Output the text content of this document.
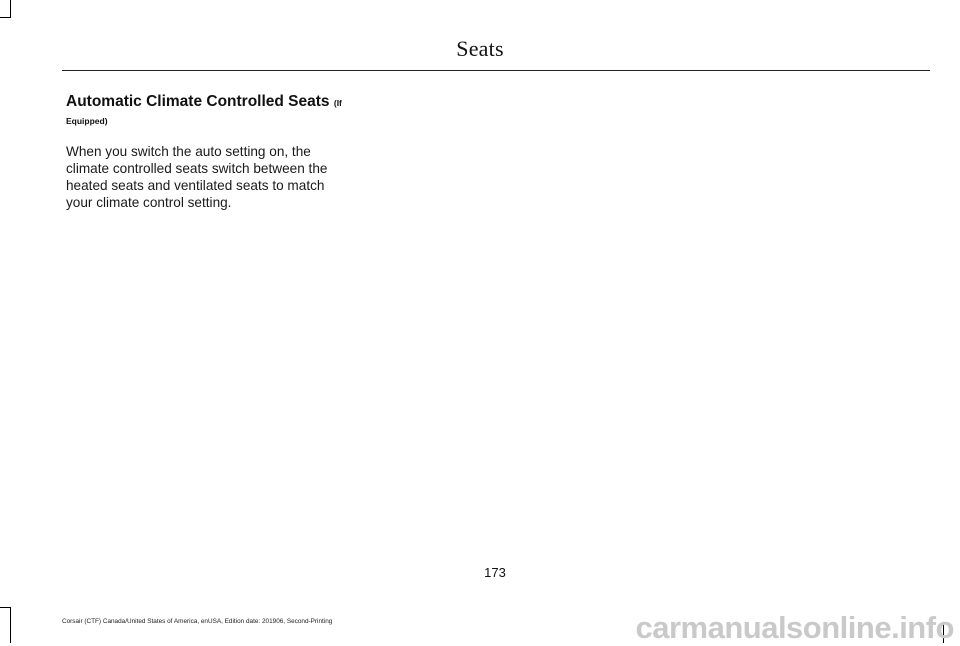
Seats
Automatic Climate Controlled Seats (If

Equipped)

When you switch the auto setting on, the climate controlled seats switch between the heated seats and ventilated seats to match your climate control setting.

173
Corsair (CTF) Canada/United States of America, enUSA, Edition date: 201906, Second-Printing	carmanualsonline.info
